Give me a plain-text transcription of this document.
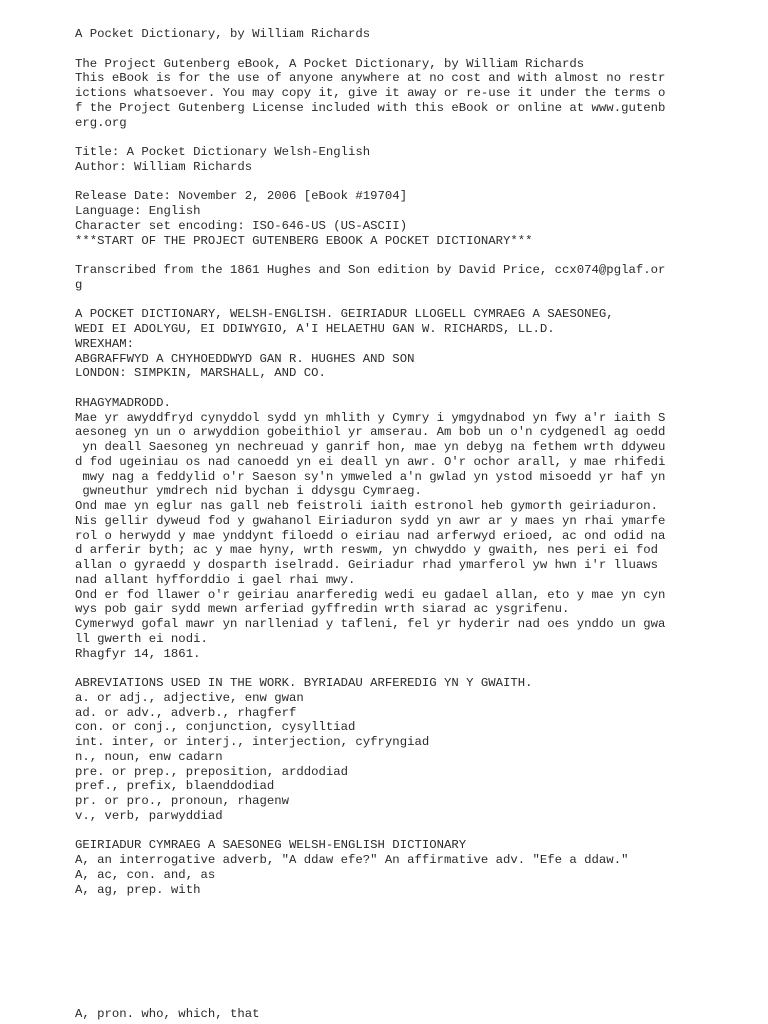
A Pocket Dictionary, by William Richards
The Project Gutenberg eBook, A Pocket Dictionary, by William Richards
This eBook is for the use of anyone anywhere at no cost and with almost no restr
ictions whatsoever. You may copy it, give it away or re-use it under the terms o
f the Project Gutenberg License included with this eBook or online at www.gutenb
erg.org
Title: A Pocket Dictionary Welsh-English
Author: William Richards
Release Date: November 2, 2006 [eBook #19704]
Language: English
Character set encoding: ISO-646-US (US-ASCII)
***START OF THE PROJECT GUTENBERG EBOOK A POCKET DICTIONARY***
Transcribed from the 1861 Hughes and Son edition by David Price, ccx074@pglaf.or
g
A POCKET DICTIONARY, WELSH-ENGLISH. GEIRIADUR LLOGELL CYMRAEG A SAESONEG,
WEDI EI ADOLYGU, EI DDIWYGIO, A'I HELAETHU GAN W. RICHARDS, LL.D.
WREXHAM:
ABGRAFFWYD A CHYHOEDDWYD GAN R. HUGHES AND SON
LONDON: SIMPKIN, MARSHALL, AND CO.
RHAGYMADRODD.
Mae yr awyddfryd cynyddol sydd yn mhlith y Cymry i ymgydnabod yn fwy a'r iaith S
aesoneg yn un o arwyddion gobeithiol yr amserau. Am bob un o'n cydgenedl ag oedd
yn deall Saesoneg yn nechreuad y ganrif hon, mae yn debyg na fethem wrth ddyweu
d fod ugeiniau os nad canoedd yn ei deall yn awr. O'r ochor arall, y mae rhifedi
mwy nag a feddylid o'r Saeson sy'n ymweled a'n gwlad yn ystod misoedd yr haf yn
gwneuthur ymdrech nid bychan i ddysgu Cymraeg.
Ond mae yn eglur nas gall neb feistroli iaith estronol heb gymorth geiriaduron.
Nis gellir dyweud fod y gwahanol Eiriaduron sydd yn awr ar y maes yn rhai ymarfe
rol o herwydd y mae ynddynt filoedd o eiriau nad arferwyd erioed, ac ond odid na
d arferir byth; ac y mae hyny, wrth reswm, yn chwyddo y gwaith, nes peri ei fod
allan o gyraedd y dosparth iselradd. Geiriadur rhad ymarferol yw hwn i'r lluaws
nad allant hyfforddio i gael rhai mwy.
Ond er fod llawer o'r geiriau anarferedig wedi eu gadael allan, eto y mae yn cyn
wys pob gair sydd mewn arferiad gyffredin wrth siarad ac ysgrifenu.
Cymerwyd gofal mawr yn narlleniad y tafleni, fel yr hyderir nad oes ynddo un gwa
ll gwerth ei nodi.
Rhagfyr 14, 1861.
ABREVIATIONS USED IN THE WORK. BYRIADAU ARFEREDIG YN Y GWAITH.
a. or adj., adjective, enw gwan
ad. or adv., adverb., rhagferf
con. or conj., conjunction, cysylltiad
int. inter, or interj., interjection, cyfryngiad
n., noun, enw cadarn
pre. or prep., preposition, arddodiad
pref., prefix, blaenddodiad
pr. or pro., pronoun, rhagenw
v., verb, parwyddiad
GEIRIADUR CYMRAEG A SAESONEG WELSH-ENGLISH DICTIONARY
A, an interrogative adverb, "A ddaw efe?" An affirmative adv. "Efe a ddaw."
A, ac, con. and, as
A, ag, prep. with
A, pron. who, which, that
